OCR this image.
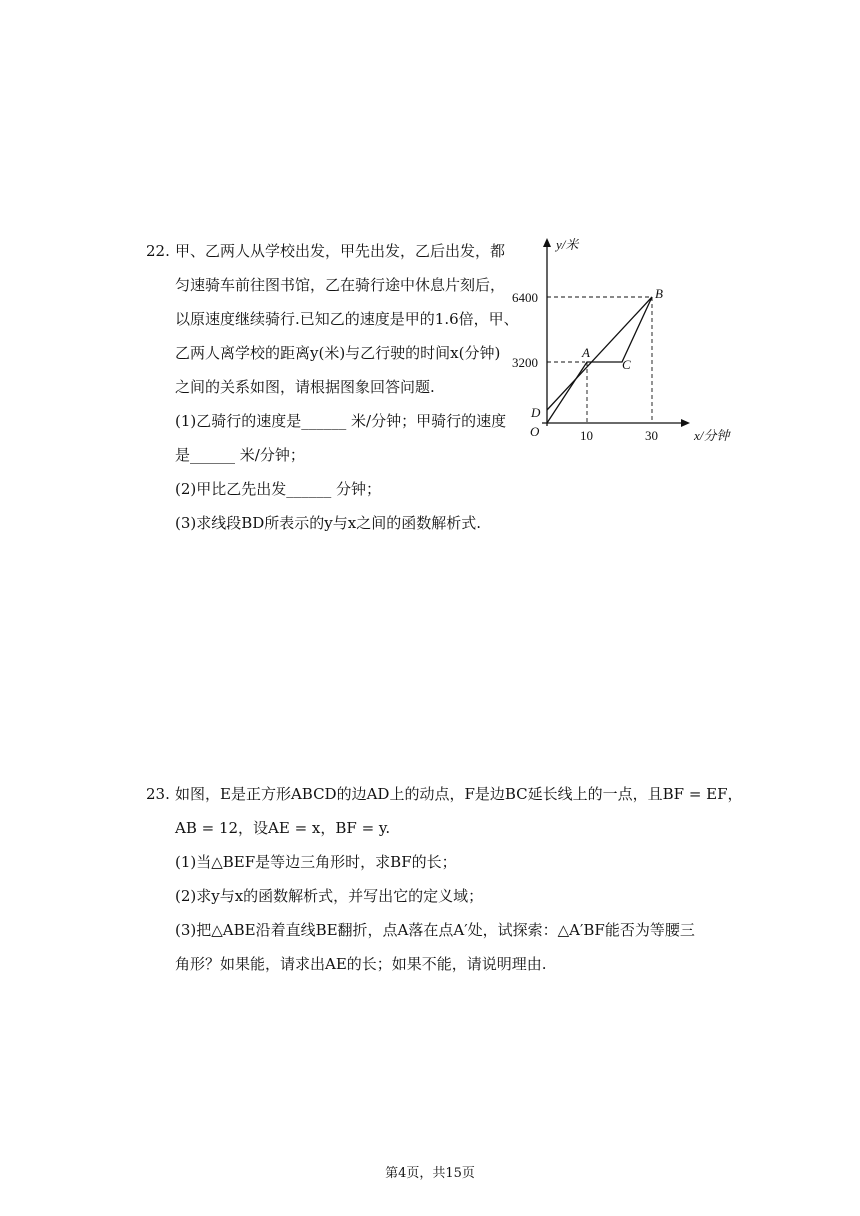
22. 甲、乙两人从学校出发，甲先出发，乙后出发，都
匀速骑车前往图书馆，乙在骑行途中休息片刻后，
以原速度继续骑行.已知乙的速度是甲的1.6倍，甲、
乙两人离学校的距离y(米)与乙行驶的时间x(分钟)
之间的关系如图，请根据图象回答问题.
(1)乙骑行的速度是______ 米/分钟；甲骑行的速度
是______ 米/分钟；
(2)甲比乙先出发______ 分钟；
(3)求线段BD所表示的y与x之间的函数解析式.
y/米
x/分钟
6400
3200
10	30
O
A
B
C
D
23. 如图，E是正方形ABCD的边AD上的动点，F是边BC延长线上的一点，且BF = EF，
AB = 12，设AE = x，BF = y.
(1)当△BEF是等边三角形时，求BF的长；
(2)求y与x的函数解析式，并写出它的定义域；
(3)把△ABE沿着直线BE翻折，点A落在点A′处，试探索：△A′BF能否为等腰三
角形？如果能，请求出AE的长；如果不能，请说明理由.
第4页，共15页
